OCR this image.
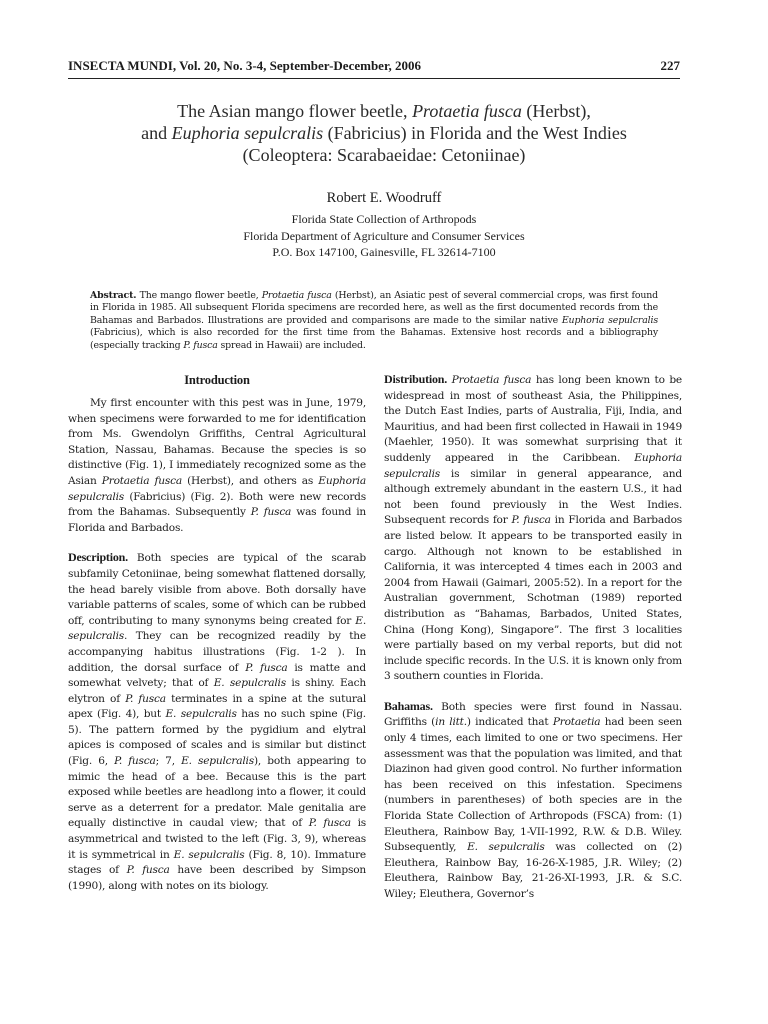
INSECTA MUNDI, Vol. 20, No. 3-4, September-December, 2006	227
The Asian mango flower beetle, Protaetia fusca (Herbst),
and Euphoria sepulcralis (Fabricius) in Florida and the West Indies
(Coleoptera: Scarabaeidae: Cetoniinae)
Robert E. Woodruff
Florida State Collection of Arthropods
Florida Department of Agriculture and Consumer Services
P.O. Box 147100, Gainesville, FL 32614-7100
Abstract. The mango flower beetle, Protaetia fusca (Herbst), an Asiatic pest of several commercial crops, was first found in Florida in 1985. All subsequent Florida specimens are recorded here, as well as the first documented records from the Bahamas and Barbados. Illustrations are provided and comparisons are made to the similar native Euphoria sepulcralis (Fabricius), which is also recorded for the first time from the Bahamas. Extensive host records and a bibliography (especially tracking P. fusca spread in Hawaii) are included.
Introduction

My first encounter with this pest was in June, 1979, when specimens were forwarded to me for identification from Ms. Gwendolyn Griffiths, Central Agricultural Station, Nassau, Bahamas. Because the species is so distinctive (Fig. 1), I immediately recognized some as the Asian Protaetia fusca (Herbst), and others as Euphoria sepulcralis (Fabricius) (Fig. 2). Both were new records from the Bahamas. Subsequently P. fusca was found in Florida and Barbados.

Description. Both species are typical of the scarab subfamily Cetoniinae, being somewhat flattened dorsally, the head barely visible from above. Both dorsally have variable patterns of scales, some of which can be rubbed off, contributing to many synonyms being created for E. sepulcralis. They can be recognized readily by the accompanying habitus illustrations (Fig. 1-2 ). In addition, the dorsal surface of P. fusca is matte and somewhat velvety; that of E. sepulcralis is shiny. Each elytron of P. fusca terminates in a spine at the sutural apex (Fig. 4), but E. sepulcralis has no such spine (Fig. 5). The pattern formed by the pygidium and elytral apices is composed of scales and is similar but distinct (Fig. 6, P. fusca; 7, E. sepulcralis), both appearing to mimic the head of a bee. Because this is the part exposed while beetles are headlong into a flower, it could serve as a deterrent for a predator. Male genitalia are equally distinctive in caudal view; that of P. fusca is asymmetrical and twisted to the left (Fig. 3, 9), whereas it is symmetrical in E. sepulcralis (Fig. 8, 10). Immature stages of P. fusca have been described by Simpson (1990), along with notes on its biology.

Distribution. Protaetia fusca has long been known to be widespread in most of southeast Asia, the Philippines, the Dutch East Indies, parts of Australia, Fiji, India, and Mauritius, and had been first collected in Hawaii in 1949 (Maehler, 1950). It was somewhat surprising that it suddenly appeared in the Caribbean. Euphoria sepulcralis is similar in general appearance, and although extremely abundant in the eastern U.S., it had not been found previously in the West Indies. Subsequent records for P. fusca in Florida and Barbados are listed below. It appears to be transported easily in cargo. Although not known to be established in California, it was intercepted 4 times each in 2003 and 2004 from Hawaii (Gaimari, 2005:52). In a report for the Australian government, Schotman (1989) reported distribution as “Bahamas, Barbados, United States, China (Hong Kong), Singapore”. The first 3 localities were partially based on my verbal reports, but did not include specific records. In the U.S. it is known only from 3 southern counties in Florida.

Bahamas. Both species were first found in Nassau. Griffiths (in litt.) indicated that Protaetia had been seen only 4 times, each limited to one or two specimens. Her assessment was that the population was limited, and that Diazinon had given good control. No further information has been received on this infestation. Specimens (numbers in parentheses) of both species are in the Florida State Collection of Arthropods (FSCA) from: (1) Eleuthera, Rainbow Bay, 1-VII-1992, R.W. & D.B. Wiley. Subsequently, E. sepulcralis was collected on (2) Eleuthera, Rainbow Bay, 16-26-X-1985, J.R. Wiley; (2) Eleuthera, Rainbow Bay, 21-26-XI-1993, J.R. & S.C. Wiley; Eleuthera, Governor’s
